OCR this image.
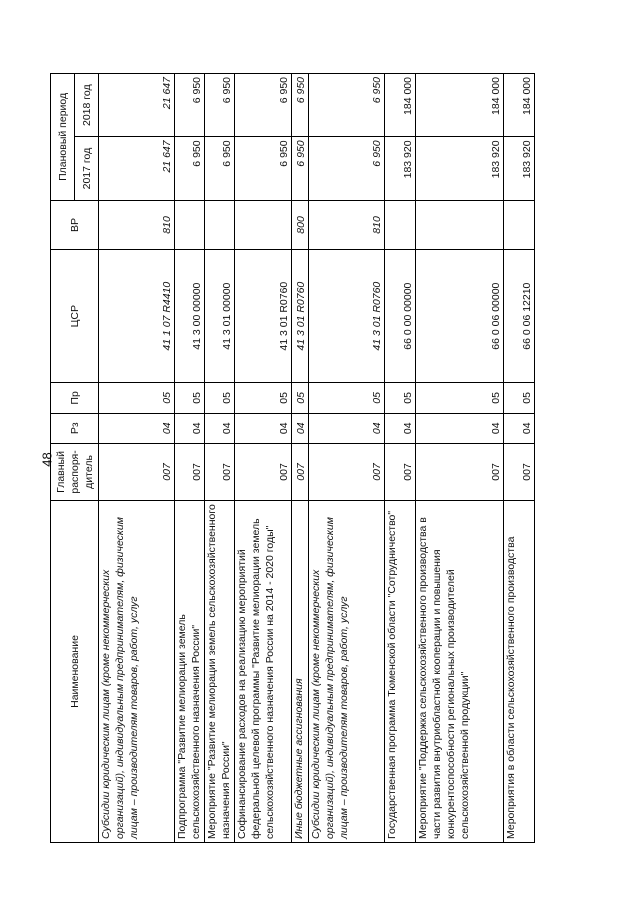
48
Наименование	Главный распоря-дитель	Рз	Пр	ЦСР	ВР	Плановый период	
						2017 год	2018 год
Субсидии юридическим лицам (кроме некоммерческих организаций), индивидуальным предпринимателям, физическим лицам – производителям товаров, работ, услуг	007	04	05	41 1 07 R4410	810	21 647	21 647
Подпрограмма "Развитие мелиорации земель сельскохозяйственного назначения России"	007	04	05	41 3 00 00000		6 950	6 950
Мероприятие "Развитие мелиорации земель сельскохозяйственного назначения России"	007	04	05	41 3 01 00000		6 950	6 950
Софинансирование расходов на реализацию мероприятий федеральной целевой программы "Развитие мелиорации земель сельскохозяйственного назначения России на 2014 - 2020 годы"	007	04	05	41 3 01 R0760		6 950	6 950
Иные бюджетные ассигнования	007	04	05	41 3 01 R0760	800	6 950	6 950
Субсидии юридическим лицам (кроме некоммерческих организаций), индивидуальным предпринимателям, физическим лицам – производителям товаров, работ, услуг	007	04	05	41 3 01 R0760	810	6 950	6 950
Государственная программа Тюменской области "Сотрудничество"	007	04	05	66 0 00 00000		183 920	184 000
Мероприятие "Поддержка сельскохозяйственного производства в части развития внутриобластной кооперации и повышения конкурентоспособности региональных производителей сельскохозяйственной продукции"	007	04	05	66 0 06 00000		183 920	184 000
Мероприятия в области сельскохозяйственного производства	007	04	05	66 0 06 12210		183 920	184 000
